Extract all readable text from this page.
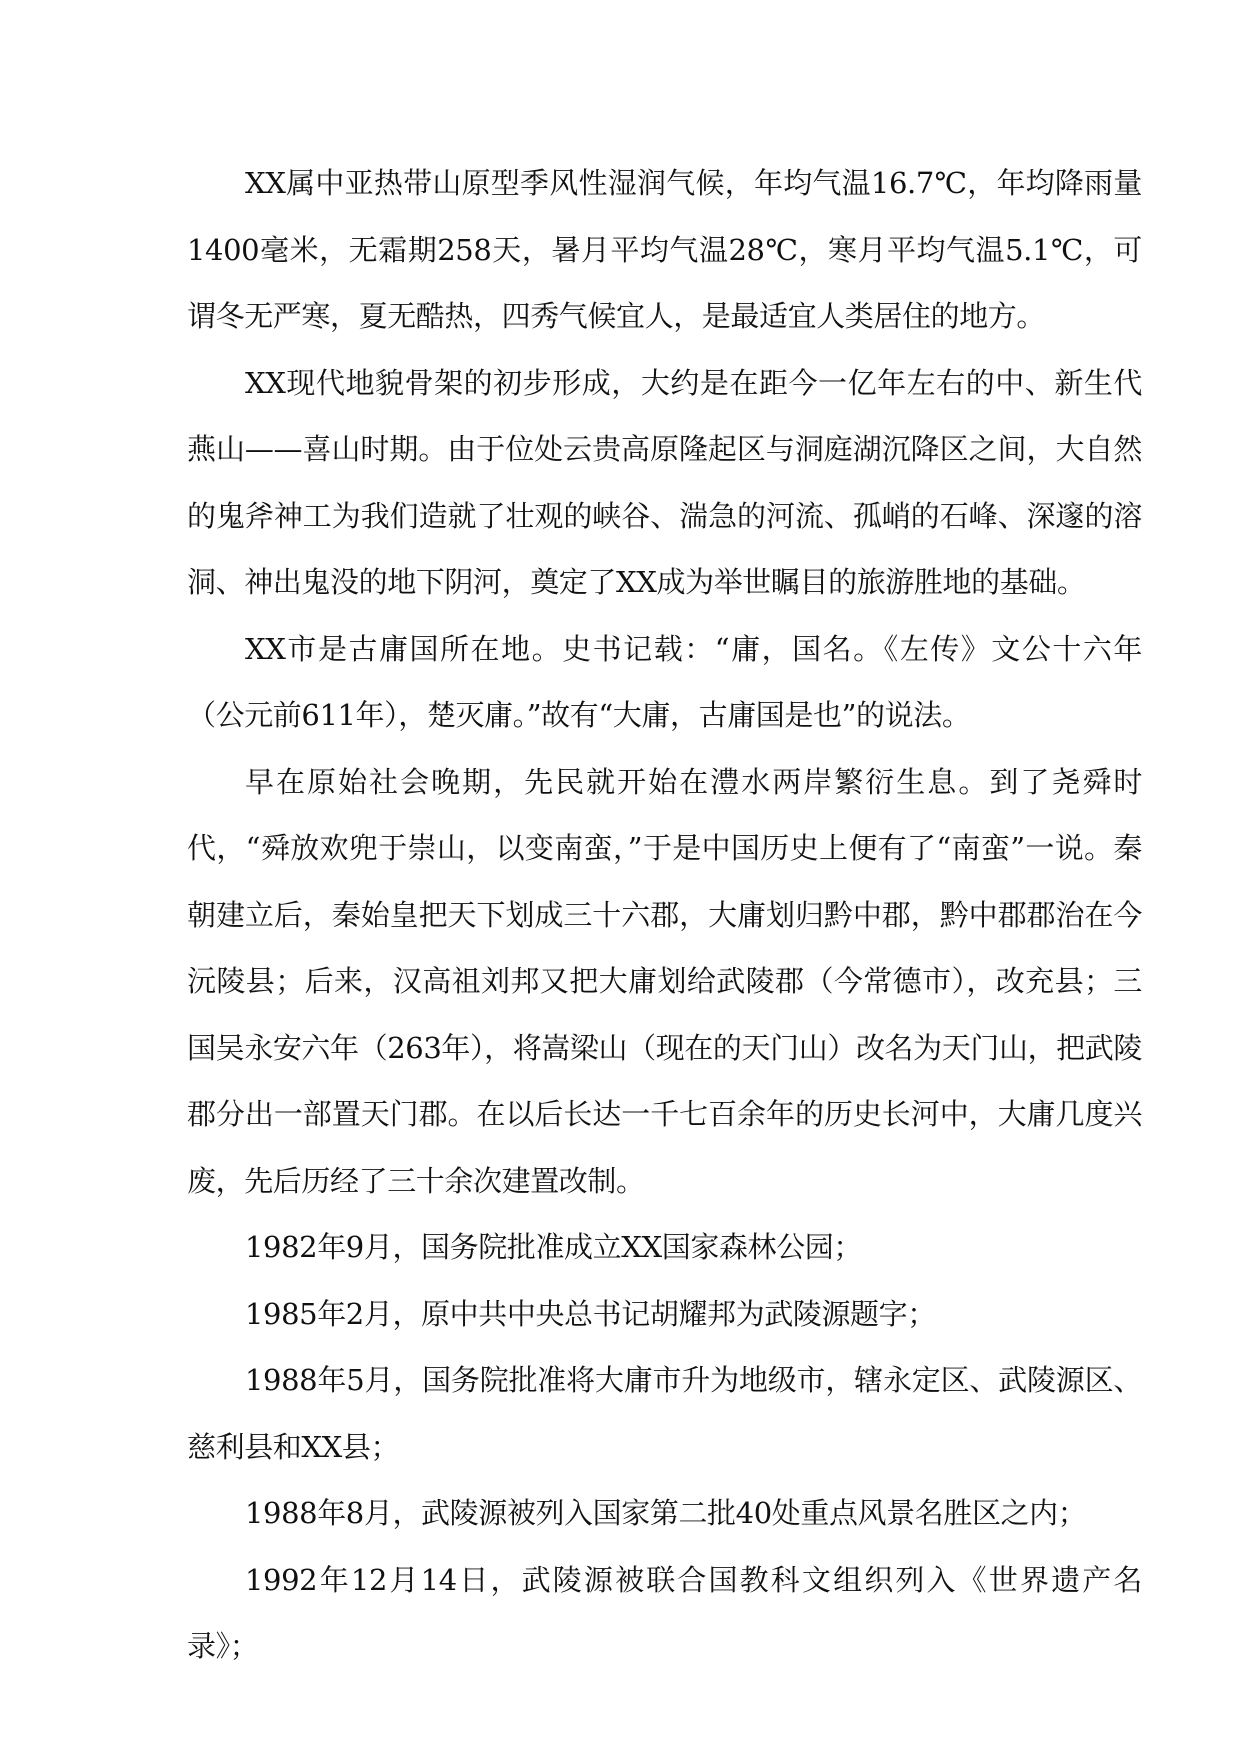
XX属中亚热带山原型季风性湿润气候，年均气温16.7℃，年均降雨量1400毫米，无霜期258天，暑月平均气温28℃，寒月平均气温5.1℃，可谓冬无严寒，夏无酷热，四秀气候宜人，是最适宜人类居住的地方。

XX现代地貌骨架的初步形成，大约是在距今一亿年左右的中、新生代燕山——喜山时期。由于位处云贵高原隆起区与洞庭湖沉降区之间，大自然的鬼斧神工为我们造就了壮观的峡谷、湍急的河流、孤峭的石峰、深邃的溶洞、神出鬼没的地下阴河，奠定了XX成为举世瞩目的旅游胜地的基础。

XX市是古庸国所在地。史书记载：“庸，国名。《左传》文公十六年（公元前611年），楚灭庸。”故有“大庸，古庸国是也”的说法。

早在原始社会晚期，先民就开始在澧水两岸繁衍生息。到了尧舜时代，“舜放欢兜于崇山，以变南蛮，”于是中国历史上便有了“南蛮”一说。秦朝建立后，秦始皇把天下划成三十六郡，大庸划归黔中郡，黔中郡郡治在今沅陵县；后来，汉高祖刘邦又把大庸划给武陵郡（今常德市），改充县；三国吴永安六年（263年），将嵩梁山（现在的天门山）改名为天门山，把武陵郡分出一部置天门郡。在以后长达一千七百余年的历史长河中，大庸几度兴废，先后历经了三十余次建置改制。

1982年9月，国务院批准成立XX国家森林公园；

1985年2月，原中共中央总书记胡耀邦为武陵源题字；

1988年5月，国务院批准将大庸市升为地级市，辖永定区、武陵源区、慈利县和XX县；

1988年8月，武陵源被列入国家第二批40处重点风景名胜区之内；

1992年12月14日，武陵源被联合国教科文组织列入《世界遗产名录》；
